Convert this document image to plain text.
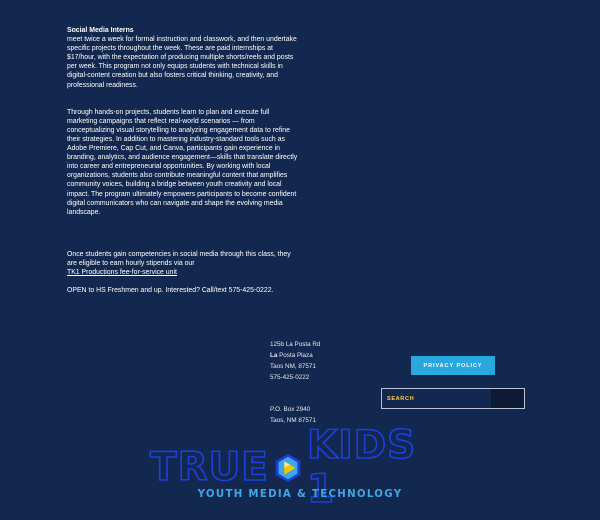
Social Media Interns

meet twice a week for formal instruction and classwork, and then undertake specific projects throughout the week. These are paid internships at $17/hour, with the expectation of producing multiple shorts/reels and posts per week. This program not only equips students with technical skills in digital-content creation but also fosters critical thinking, creativity, and professional readiness.

Through hands-on projects, students learn to plan and execute full marketing campaigns that reflect real-world scenarios — from conceptualizing visual storytelling to analyzing engagement data to refine their strategies. In addition to mastering industry-standard tools such as Adobe Premiere, Cap Cut, and Canva, participants gain experience in branding, analytics, and audience engagement—skills that translate directly into career and entrepreneurial opportunities. By working with local organizations, students also contribute meaningful content that amplifies community voices, building a bridge between youth creativity and local impact. The program ultimately empowers participants to become confident digital communicators who can navigate and shape the evolving media landscape.

Once students gain competencies in social media through this class, they are eligible to earn hourly stipends via our
TK1 Productions fee-for-service unit

OPEN to HS Freshmen and up. Interested? Call/text 575-425-0222.

125b La Posta Rd
La Posta Plaza
Taos NM, 87571
575-425-0222
P.O. Box 2940
Taos, NM 87571
PRIVACY POLICY
SEARCH
TRUE KIDS 1
YOUTH MEDIA & TECHNOLOGY
